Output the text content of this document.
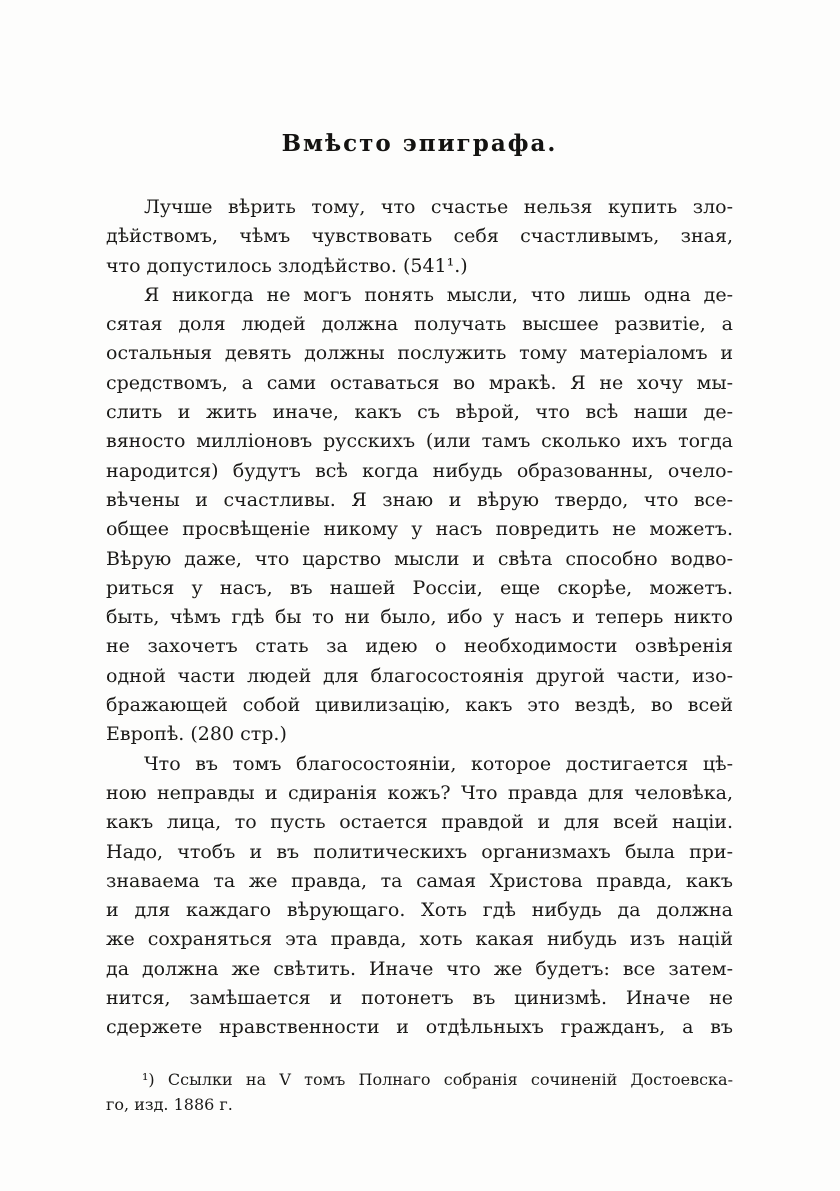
Вмѣсто эпиграфа.
Лучше вѣрить тому, что счастье нельзя купить зло-
дѣйствомъ, чѣмъ чувствовать себя счастливымъ, зная,
что допустилось злодѣйство. (541¹.)
Я никогда не могъ понять мысли, что лишь одна де-
сятая доля людей должна получать высшее развитіе, а
остальныя девять должны послужить тому матеріаломъ и
средствомъ, а сами оставаться во мракѣ. Я не хочу мы-
слить и жить иначе, какъ съ вѣрой, что всѣ наши де-
вяносто милліоновъ русскихъ (или тамъ сколько ихъ тогда
народится) будутъ всѣ когда нибудь образованны, очело-
вѣчены и счастливы. Я знаю и вѣрую твердо, что все-
общее просвѣщеніе никому у насъ повредить не можетъ.
Вѣрую даже, что царство мысли и свѣта способно водво-
риться у насъ, въ нашей Россіи, еще скорѣе, можетъ.
быть, чѣмъ гдѣ бы то ни было, ибо у насъ и теперь никто
не захочетъ стать за идею о необходимости озвѣренія
одной части людей для благосостоянія другой части, изо-
бражающей собой цивилизацію, какъ это вездѣ, во всей
Европѣ. (280 стр.)
Что въ томъ благосостояніи, которое достигается цѣ-
ною неправды и сдиранія кожъ? Что правда для человѣка,
какъ лица, то пусть остается правдой и для всей націи.
Надо, чтобъ и въ политическихъ организмахъ была при-
знаваема та же правда, та самая Христова правда, какъ
и для каждаго вѣрующаго. Хоть гдѣ нибудь да должна
же сохраняться эта правда, хоть какая нибудь изъ націй
да должна же свѣтить. Иначе что же будетъ: все затем-
нится, замѣшается и потонетъ въ цинизмѣ. Иначе не
сдержете нравственности и отдѣльныхъ гражданъ, а въ
¹) Ссылки на V томъ Полнаго собранія сочиненій Достоевска-
го, изд. 1886 г.
